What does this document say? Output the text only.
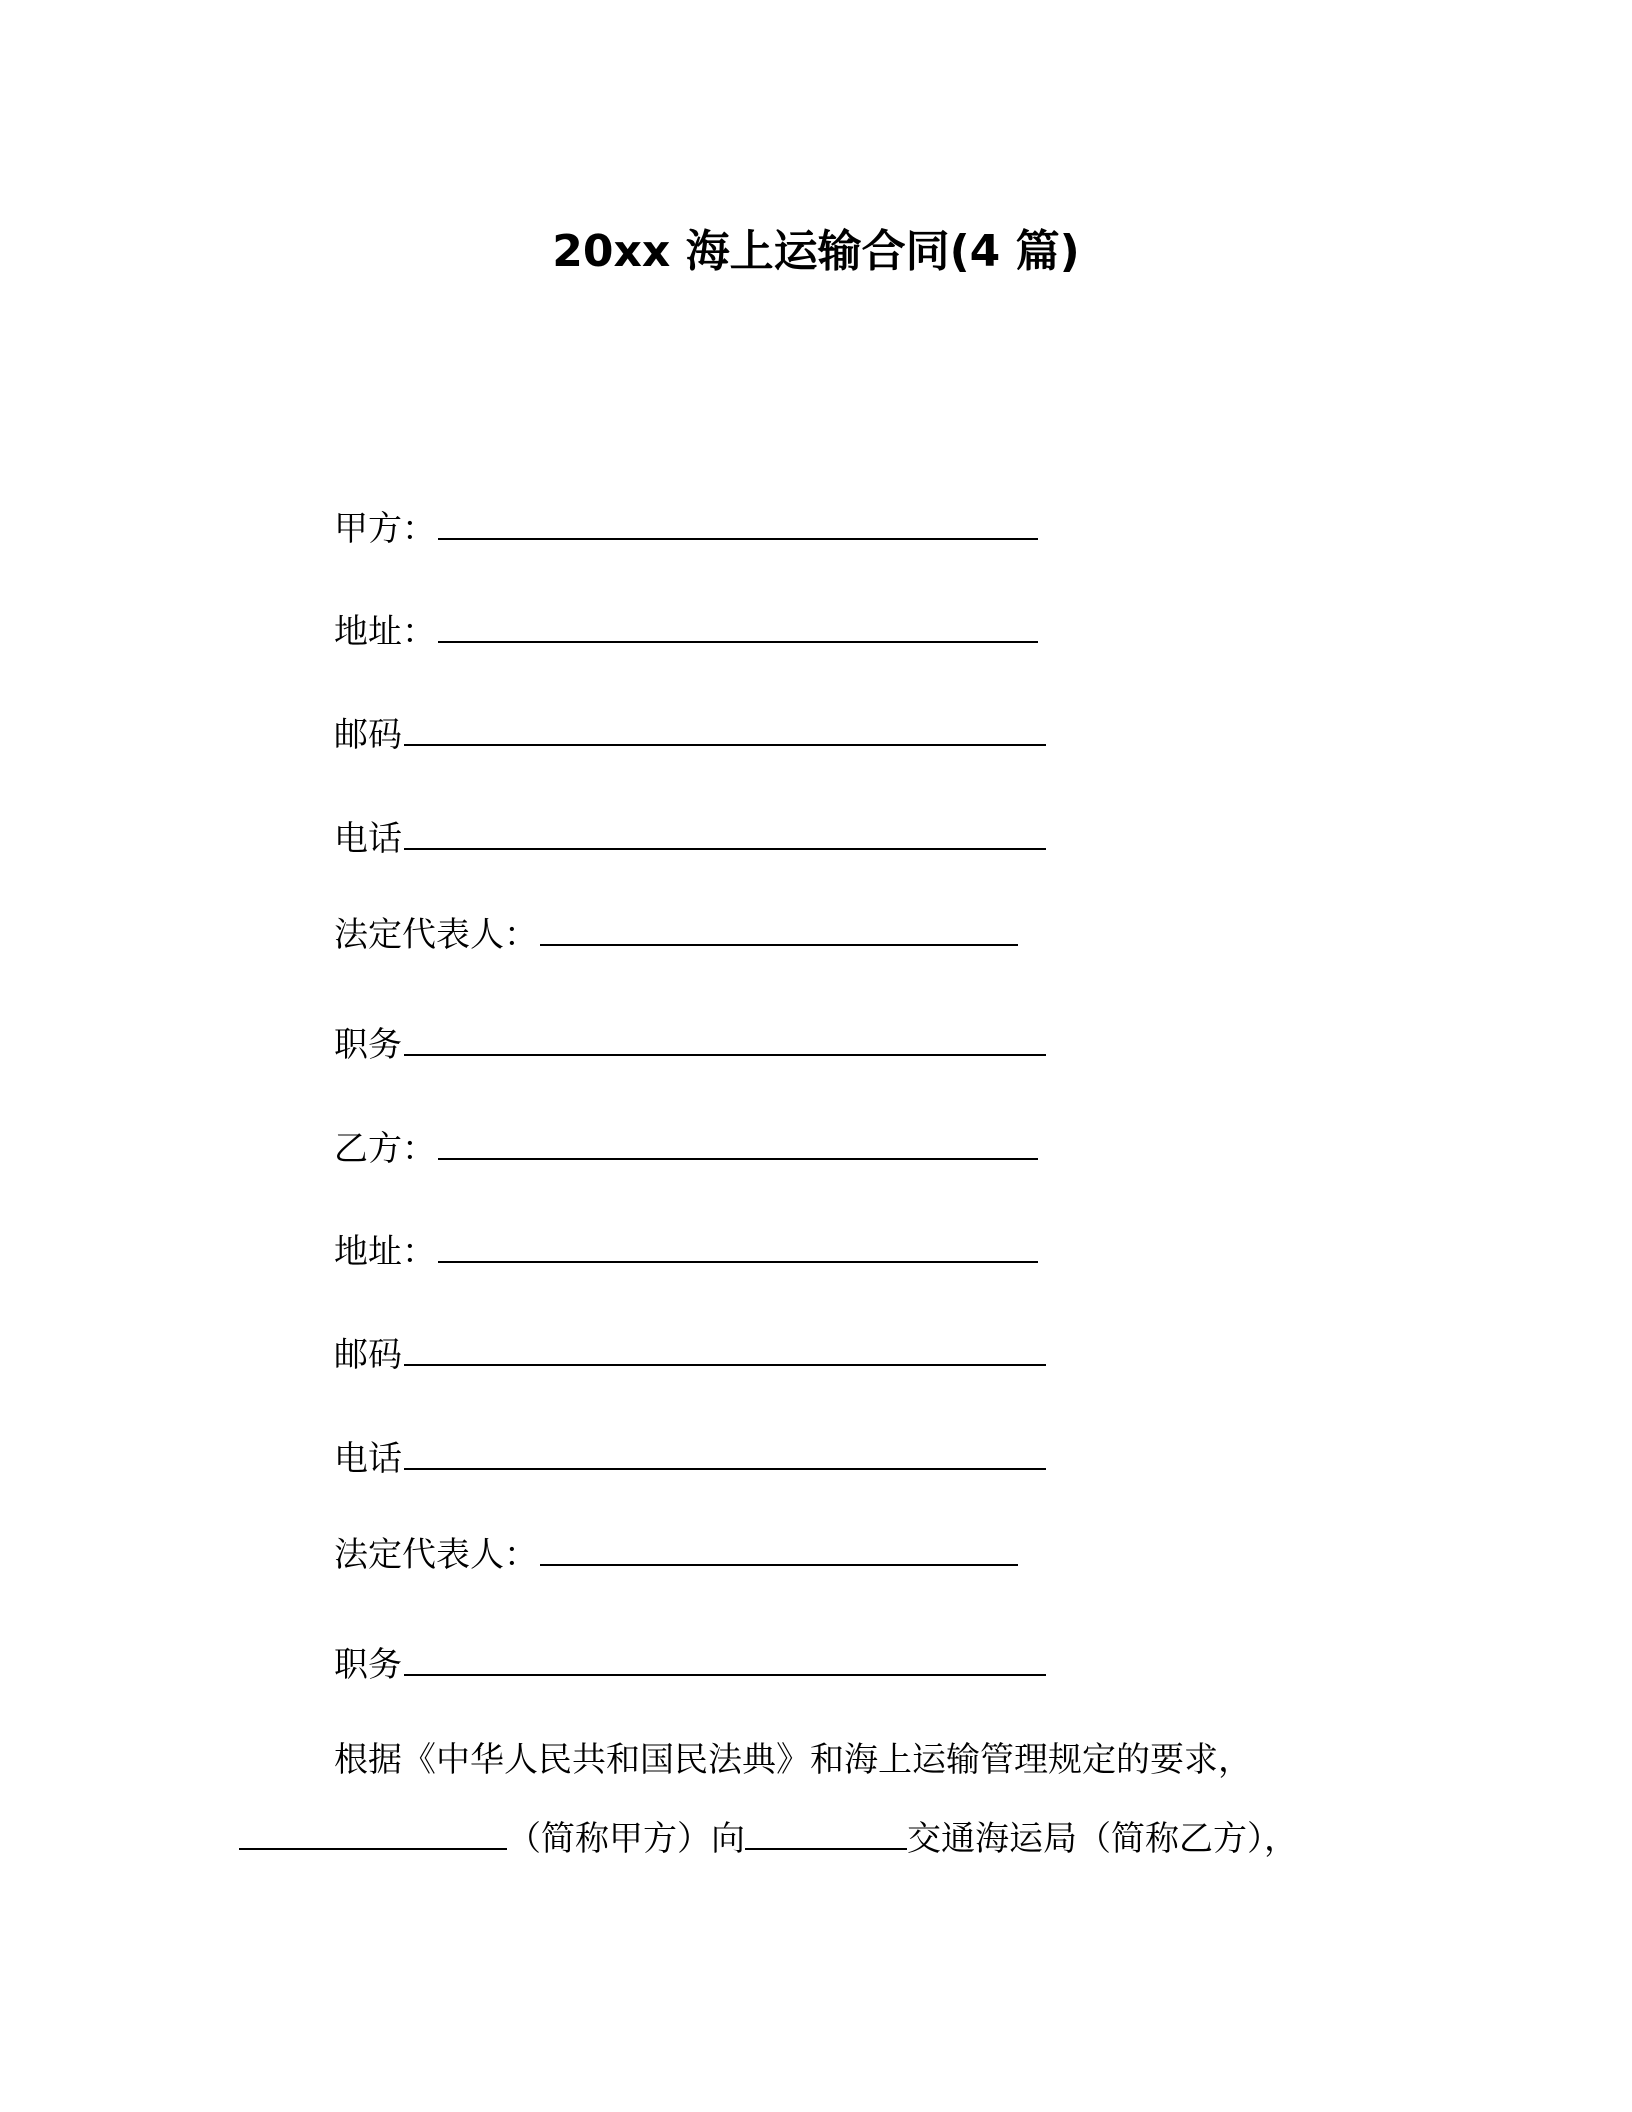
20xx 海上运输合同(4 篇)
甲方：
地址：
邮码
电话
法定代表人：
职务
乙方：
地址：
邮码
电话
法定代表人：
职务
根据《中华人民共和国民法典》和海上运输管理规定的要求，
（简称甲方）向	交通海运局（简称乙方），
